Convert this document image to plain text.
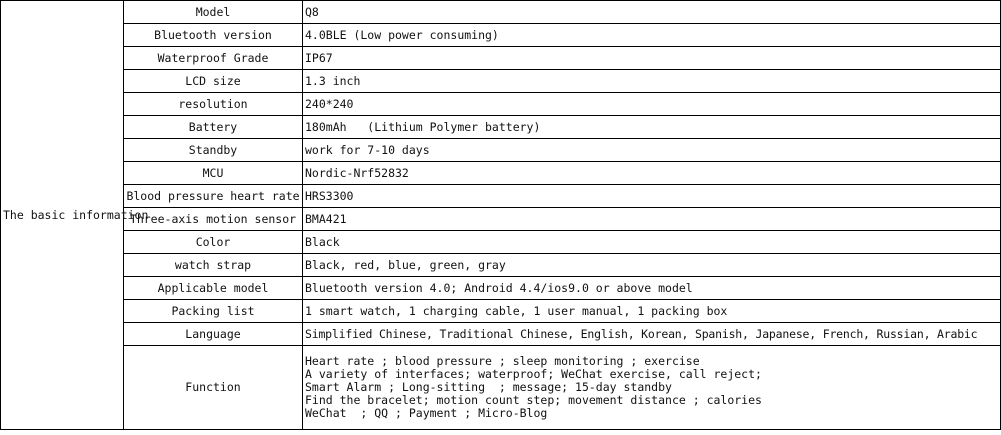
The basic information	Model	Q8
	Bluetooth version	4.0BLE (Low power consuming)
	Waterproof Grade	IP67
	LCD size	1.3 inch
	resolution	240*240
	Battery	180mAh   (Lithium Polymer battery)
	Standby	work for 7-10 days
	MCU	Nordic-Nrf52832
	Blood pressure heart rate	HRS3300
	Three-axis motion sensor	BMA421
	Color	Black
	watch strap	Black, red, blue, green, gray
	Applicable model	Bluetooth version 4.0; Android 4.4/ios9.0 or above model
	Packing list	1 smart watch, 1 charging cable, 1 user manual, 1 packing box
	Language	Simplified Chinese, Traditional Chinese, English, Korean, Spanish, Japanese, French, Russian, Arabic
	Function	Heart rate ; blood pressure ; sleep monitoring ; exercise
A variety of interfaces; waterproof; WeChat exercise, call reject;
Smart Alarm ; Long-sitting  ; message; 15-day standby
Find the bracelet; motion count step; movement distance ; calories
WeChat  ; QQ ; Payment ; Micro-Blog
